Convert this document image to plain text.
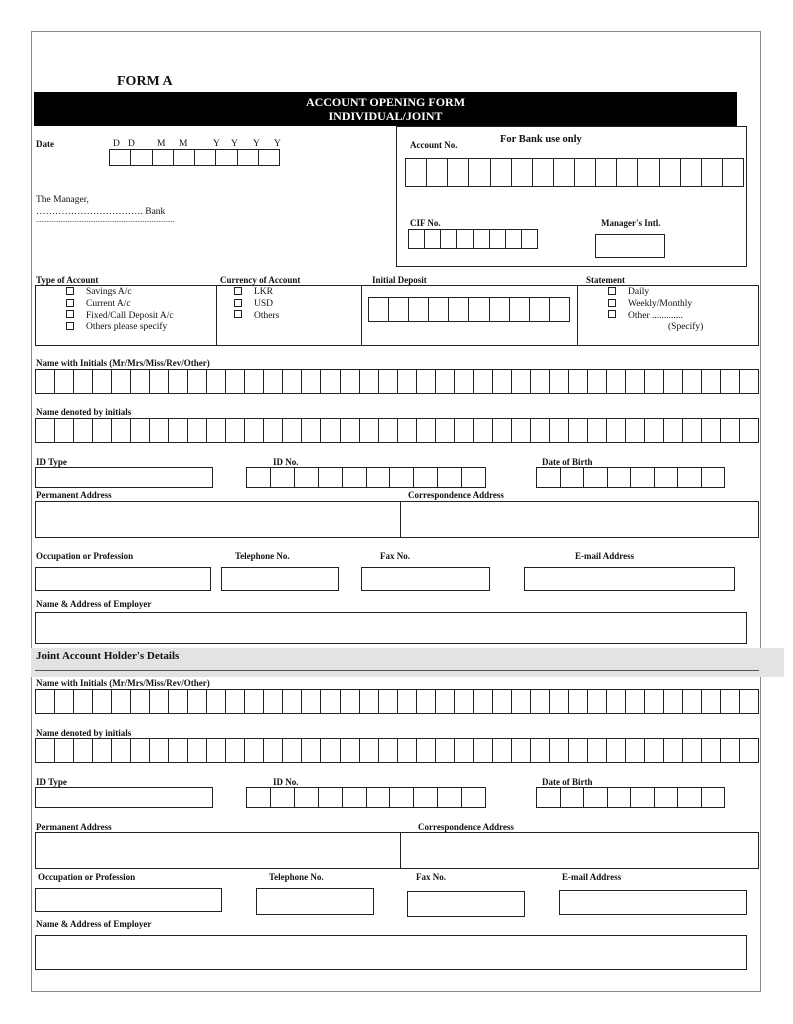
FORM A
ACCOUNT OPENING FORM
INDIVIDUAL/JOINT
Date	D D M M	Y Y Y Y
The Manager,
……………………………. Bank
...............................................................................
For Bank use only
Account No.
CIF No.	Manager's Intl.
Type of Account	Currency of Account	Initial Deposit	Statement
Savings A/c
Current A/c
Fixed/Call Deposit A/c
Others please specify
LKR
USD
Others
Daily
Weekly/Monthly
Other .............
(Specify)
Name with Initials (Mr/Mrs/Miss/Rev/Other)
Name denoted by initials
ID Type	ID No.	Date of Birth
Permanent Address	Correspondence Address
Occupation or Profession	Telephone No.	Fax No.	E-mail Address
Name & Address of Employer
Joint Account Holder's Details
Name with Initials (Mr/Mrs/Miss/Rev/Other)
Name denoted by initials
ID Type	ID No.	Date of Birth
Permanent Address	Correspondence Address
Occupation or Profession	Telephone No.	Fax No.	E-mail Address
Name & Address of Employer
